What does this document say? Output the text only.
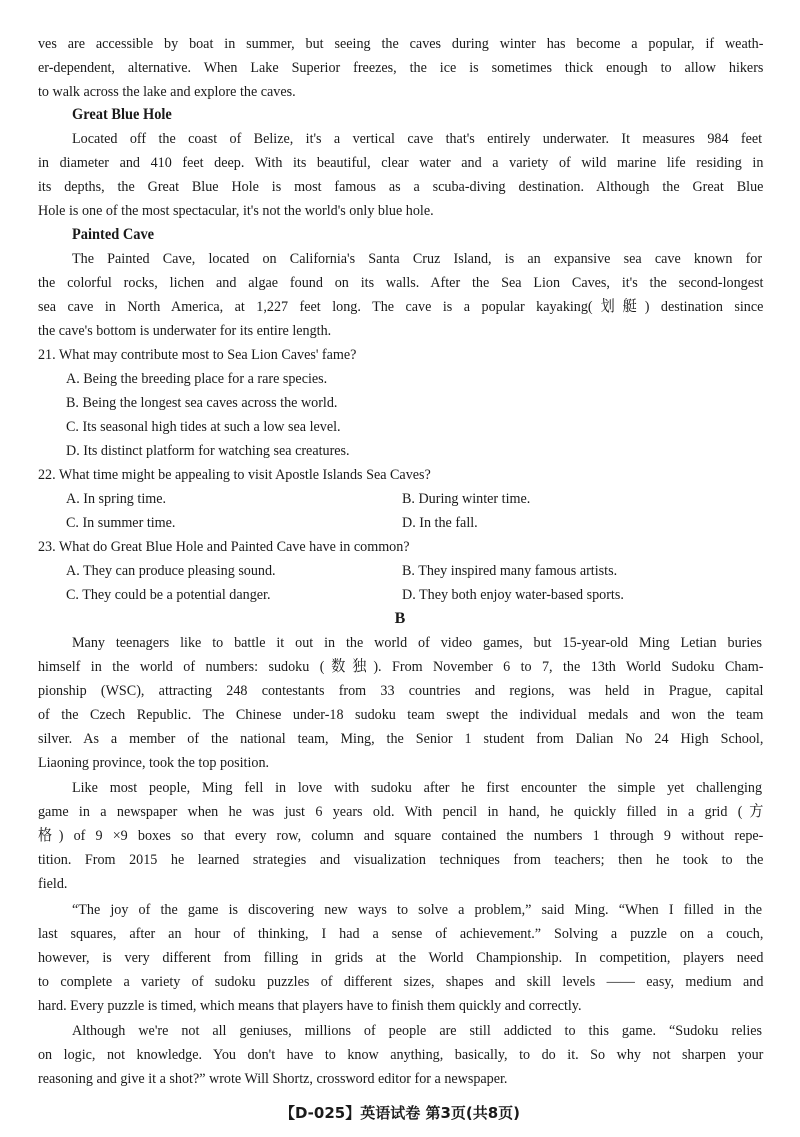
ves are accessible by boat in summer, but seeing the caves during winter has become a popular, if weath-
er-dependent, alternative. When Lake Superior freezes, the ice is sometimes thick enough to allow hikers
to walk across the lake and explore the caves.
Great Blue Hole
Located off the coast of Belize, it's a vertical cave that's entirely underwater. It measures 984 feet
in diameter and 410 feet deep. With its beautiful, clear water and a variety of wild marine life residing in
its depths, the Great Blue Hole is most famous as a scuba-diving destination. Although the Great Blue
Hole is one of the most spectacular, it's not the world's only blue hole.
Painted Cave
The Painted Cave, located on California's Santa Cruz Island, is an expansive sea cave known for
the colorful rocks, lichen and algae found on its walls. After the Sea Lion Caves, it's the second-longest
sea cave in North America, at 1,227 feet long. The cave is a popular kayaking(划艇) destination since
the cave's bottom is underwater for its entire length.
21. What may contribute most to Sea Lion Caves' fame?
A. Being the breeding place for a rare species.
B. Being the longest sea caves across the world.
C. Its seasonal high tides at such a low sea level.
D. Its distinct platform for watching sea creatures.
22. What time might be appealing to visit Apostle Islands Sea Caves?
A. In spring time.	B. During winter time.
C. In summer time.	D. In the fall.
23. What do Great Blue Hole and Painted Cave have in common?
A. They can produce pleasing sound.	B. They inspired many famous artists.
C. They could be a potential danger.	D. They both enjoy water-based sports.
B
Many teenagers like to battle it out in the world of video games, but 15-year-old Ming Letian buries
himself in the world of numbers: sudoku (数独). From November 6 to 7, the 13th World Sudoku Cham-
pionship (WSC), attracting 248 contestants from 33 countries and regions, was held in Prague, capital
of the Czech Republic. The Chinese under-18 sudoku team swept the individual medals and won the team
silver. As a member of the national team, Ming, the Senior 1 student from Dalian No 24 High School,
Liaoning province, took the top position.
Like most people, Ming fell in love with sudoku after he first encounter the simple yet challenging
game in a newspaper when he was just 6 years old. With pencil in hand, he quickly filled in a grid (方
格) of 9 ×9 boxes so that every row, column and square contained the numbers 1 through 9 without repe-
tition. From 2015 he learned strategies and visualization techniques from teachers; then he took to the
field.
“The joy of the game is discovering new ways to solve a problem,” said Ming. “When I filled in the
last squares, after an hour of thinking, I had a sense of achievement.” Solving a puzzle on a couch,
however, is very different from filling in grids at the World Championship. In competition, players need
to complete a variety of sudoku puzzles of different sizes, shapes and skill levels —— easy, medium and
hard. Every puzzle is timed, which means that players have to finish them quickly and correctly.
Although we're not all geniuses, millions of people are still addicted to this game. “Sudoku relies
on logic, not knowledge. You don't have to know anything, basically, to do it. So why not sharpen your
reasoning and give it a shot?” wrote Will Shortz, crossword editor for a newspaper.
【D-025】英语试卷 第3页(共8页)
